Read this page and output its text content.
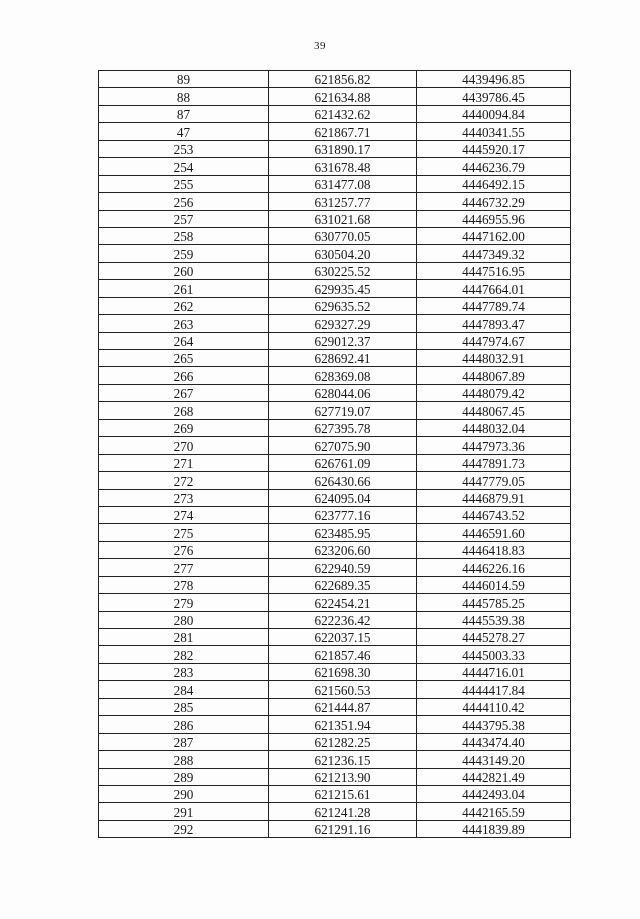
39
89	621856.82	4439496.85
88	621634.88	4439786.45
87	621432.62	4440094.84
47	621867.71	4440341.55
253	631890.17	4445920.17
254	631678.48	4446236.79
255	631477.08	4446492.15
256	631257.77	4446732.29
257	631021.68	4446955.96
258	630770.05	4447162.00
259	630504.20	4447349.32
260	630225.52	4447516.95
261	629935.45	4447664.01
262	629635.52	4447789.74
263	629327.29	4447893.47
264	629012.37	4447974.67
265	628692.41	4448032.91
266	628369.08	4448067.89
267	628044.06	4448079.42
268	627719.07	4448067.45
269	627395.78	4448032.04
270	627075.90	4447973.36
271	626761.09	4447891.73
272	626430.66	4447779.05
273	624095.04	4446879.91
274	623777.16	4446743.52
275	623485.95	4446591.60
276	623206.60	4446418.83
277	622940.59	4446226.16
278	622689.35	4446014.59
279	622454.21	4445785.25
280	622236.42	4445539.38
281	622037.15	4445278.27
282	621857.46	4445003.33
283	621698.30	4444716.01
284	621560.53	4444417.84
285	621444.87	4444110.42
286	621351.94	4443795.38
287	621282.25	4443474.40
288	621236.15	4443149.20
289	621213.90	4442821.49
290	621215.61	4442493.04
291	621241.28	4442165.59
292	621291.16	4441839.89
